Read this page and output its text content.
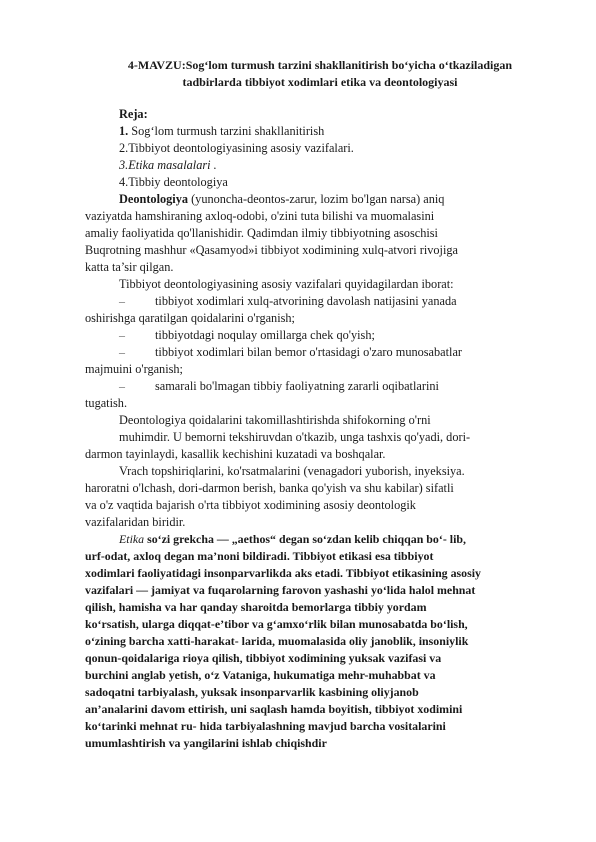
4-MAVZU:Sog‘lom turmush tarzini shakllanitirish bo‘yicha o‘tkaziladigan
tadbirlarda tibbiyot xodimlari etika va deontologiyasi
Reja:
1. Sog‘lom turmush tarzini shakllanitirish
2.Tibbiyot deontologiyasining asosiy vazifalari.
3.Etika masalalari .
4.Tibbiy deontologiya
Deontologiya (yunoncha-deontos-zarur, lozim bo'lgan narsa) aniq
vaziyatda hamshiraning axloq-odobi, o'zini tuta bilishi va muomalasini
amaliy faoliyatida qo'llanishidir. Qadimdan ilmiy tibbiyotning asoschisi
Buqrotning mashhur «Qasamyod»i tibbiyot xodimining xulq-atvori rivojiga
katta ta’sir qilgan.
Tibbiyot deontologiyasining asosiy vazifalari quyidagilardan iborat:
– tibbiyot xodimlari xulq-atvorining davolash natijasini yanada
oshirishga qaratilgan qoidalarini o'rganish;
– tibbiyotdagi noqulay omillarga chek qo'yish;
– tibbiyot xodimlari bilan bemor o'rtasidagi o'zaro munosabatlar
majmuini o'rganish;
– samarali bo'lmagan tibbiy faoliyatning zararli oqibatlarini
tugatish.
Deontologiya qoidalarini takomillashtirishda shifokorning o'rni
muhimdir. U bemorni tekshiruvdan o'tkazib, unga tashxis qo'yadi, dori-
darmon tayinlaydi, kasallik kechishini kuzatadi va boshqalar.
Vrach topshiriqlarini, ko'rsatmalarini (venagadori yuborish, inyeksiya.
haroratni o'lchash, dori-darmon berish, banka qo'yish va shu kabilar) sifatli
va o'z vaqtida bajarish o'rta tibbiyot xodimining asosiy deontologik
vazifalaridan biridir.
Etika so‘zi grekcha — „aethos“ degan so‘zdan kelib chiqqan bo‘- lib,
urf-odat, axloq degan ma’noni bildiradi. Tibbiyot etikasi esa tibbiyot
xodimlari faoliyatidagi insonparvarlikda aks etadi. Tibbiyot etikasining asosiy
vazifalari — jamiyat va fuqarolarning farovon yashashi yo‘lida halol mehnat
qilish, hamisha va har qanday sharoitda bemorlarga tibbiy yordam
ko‘rsatish, ularga diqqat-e’tibor va g‘amxo‘rlik bilan munosabatda bo‘lish,
o‘zining barcha xatti-harakat- larida, muomalasida oliy janoblik, insoniylik
qonun-qoidalariga rioya qilish, tibbiyot xodimining yuksak vazifasi va
burchini anglab yetish, o‘z Vataniga, hukumatiga mehr-muhabbat va
sadoqatni tarbiyalash, yuksak insonparvarlik kasbining oliyjanob
an’analarini davom ettirish, uni saqlash hamda boyitish, tibbiyot xodimini
ko‘tarinki mehnat ru- hida tarbiyalashning mavjud barcha vositalarini
umumlashtirish va yangilarini ishlab chiqishdir
